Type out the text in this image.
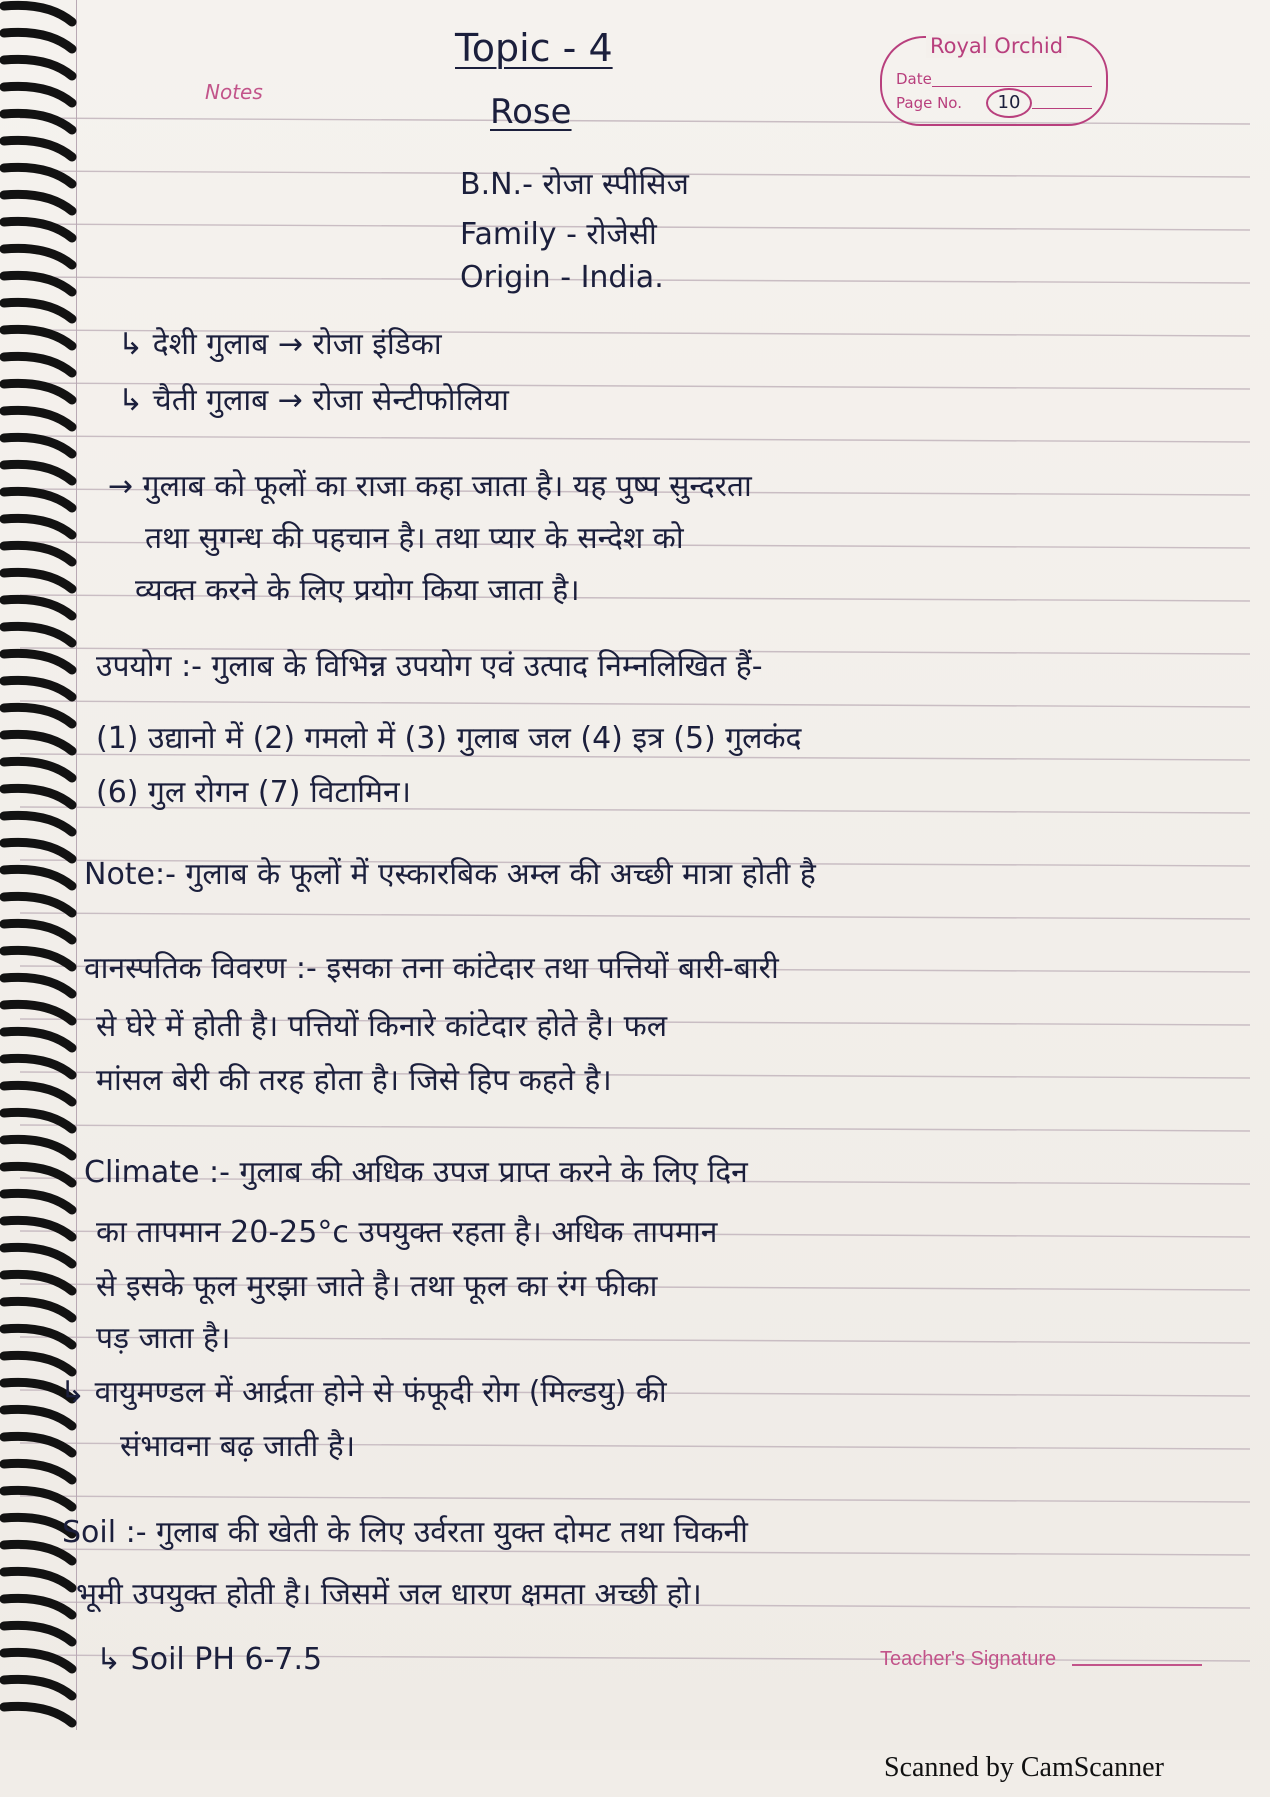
Notes
Topic - 4
Rose
Royal Orchid
Date
Page No.	10
B.N.- रोजा स्पीसिज
Family - रोजेसी
Origin - India.
↳ देशी गुलाब → रोजा इंडिका
↳ चैती गुलाब → रोजा सेन्टीफोलिया
→ गुलाब को फूलों का राजा कहा जाता है। यह पुष्प सुन्दरता
तथा सुगन्ध की पहचान है। तथा प्यार के सन्देश को
व्यक्त करने के लिए प्रयोग किया जाता है।
उपयोग :- गुलाब के विभिन्न उपयोग एवं उत्पाद निम्नलिखित हैं-
(1) उद्यानो में (2) गमलो में (3) गुलाब जल (4) इत्र (5) गुलकंद
(6) गुल रोगन (7) विटामिन।
Note:- गुलाब के फूलों में एस्कारबिक अम्ल की अच्छी मात्रा होती है
वानस्पतिक विवरण :- इसका तना कांटेदार तथा पत्तियों बारी-बारी
से घेरे में होती है। पत्तियों किनारे कांटेदार होते है। फल
मांसल बेरी की तरह होता है। जिसे हिप कहते है।
Climate :- गुलाब की अधिक उपज प्राप्त करने के लिए दिन
का तापमान 20-25°c उपयुक्त रहता है। अधिक तापमान
से इसके फूल मुरझा जाते है। तथा फूल का रंग फीका
पड़ जाता है।
↳ वायुमण्डल में आर्द्रता होने से फंफूदी रोग (मिल्डयु) की
संभावना बढ़ जाती है।
Soil :- गुलाब की खेती के लिए उर्वरता युक्त दोमट तथा चिकनी
भूमी उपयुक्त होती है। जिसमें जल धारण क्षमता अच्छी हो।
↳ Soil PH 6-7.5	Teacher's Signature
Scanned by CamScanner
